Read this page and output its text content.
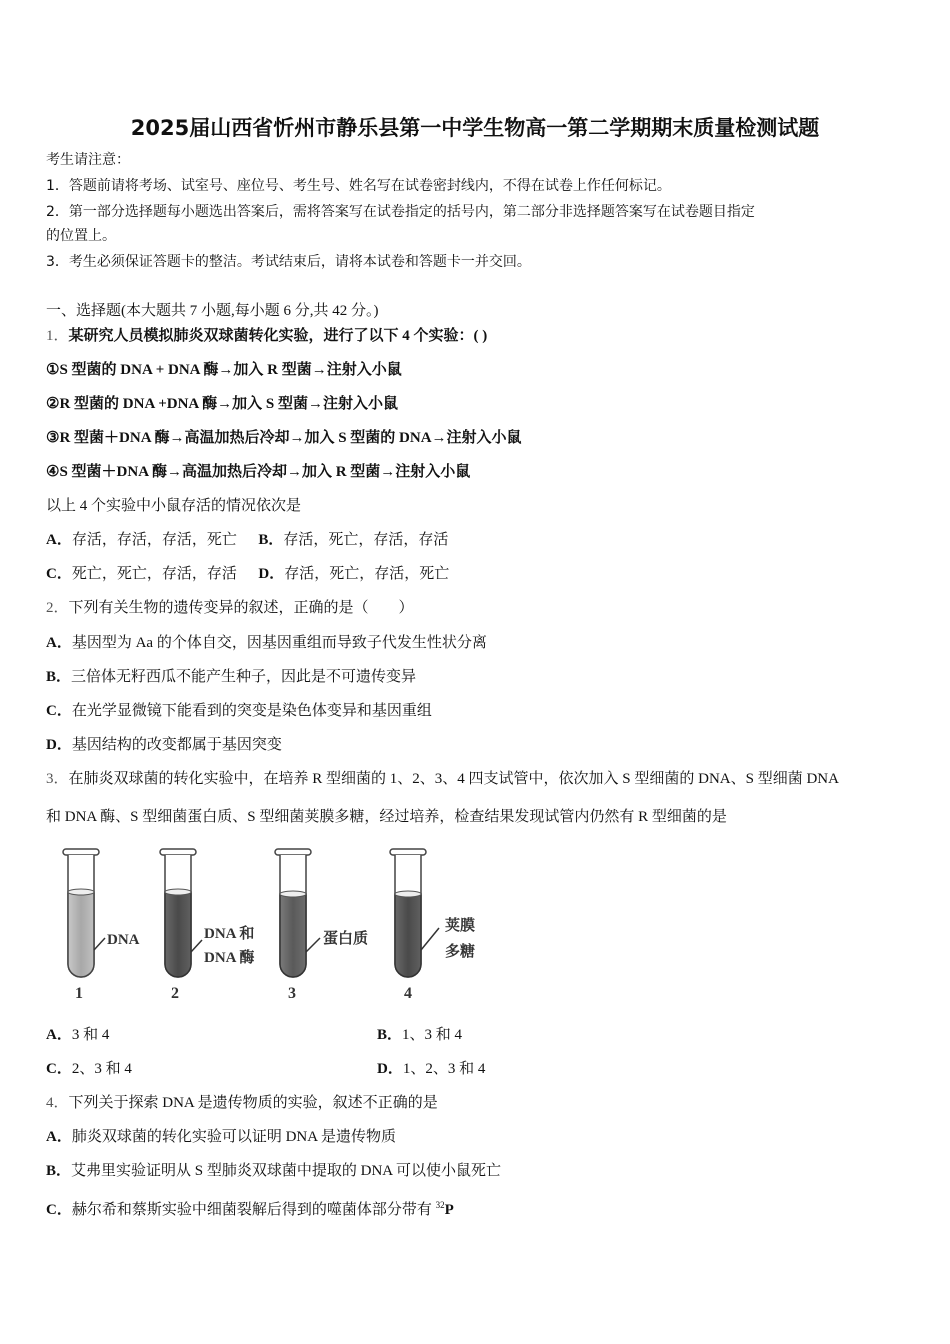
2025届山西省忻州市静乐县第一中学生物高一第二学期期末质量检测试题
考生请注意：
1．答题前请将考场、试室号、座位号、考生号、姓名写在试卷密封线内，不得在试卷上作任何标记。
2．第一部分选择题每小题选出答案后，需将答案写在试卷指定的括号内，第二部分非选择题答案写在试卷题目指定
的位置上。
3．考生必须保证答题卡的整洁。考试结束后，请将本试卷和答题卡一并交回。
一、选择题(本大题共 7 小题,每小题 6 分,共 42 分。)
1．某研究人员模拟肺炎双球菌转化实验，进行了以下 4 个实验：( )
①S 型菌的 DNA + DNA 酶→加入 R 型菌→注射入小鼠
②R 型菌的 DNA +DNA 酶→加入 S 型菌→注射入小鼠
③R 型菌＋DNA 酶→高温加热后冷却→加入 S 型菌的 DNA→注射入小鼠
④S 型菌＋DNA 酶→高温加热后冷却→加入 R 型菌→注射入小鼠
以上 4 个实验中小鼠存活的情况依次是
A．存活，存活，存活，死亡 B．存活，死亡，存活，存活
C．死亡，死亡，存活，存活 D．存活，死亡，存活，死亡
2．下列有关生物的遗传变异的叙述，正确的是（　　）
A．基因型为 Aa 的个体自交，因基因重组而导致子代发生性状分离
B．三倍体无籽西瓜不能产生种子，因此是不可遗传变异
C．在光学显微镜下能看到的突变是染色体变异和基因重组
D．基因结构的改变都属于基因突变
3．在肺炎双球菌的转化实验中，在培养 R 型细菌的 1、2、3、4 四支试管中，依次加入 S 型细菌的 DNA、S 型细菌 DNA
和 DNA 酶、S 型细菌蛋白质、S 型细菌荚膜多糖，经过培养，检查结果发现试管内仍然有 R 型细菌的是
DNA
1
DNA 和
DNA 酶
2
蛋白质
3
荚膜
多糖
4
A．3 和 4	B．1、3 和 4
C．2、3 和 4	D．1、2、3 和 4
4．下列关于探索 DNA 是遗传物质的实验，叙述不正确的是
A．肺炎双球菌的转化实验可以证明 DNA 是遗传物质
B．艾弗里实验证明从 S 型肺炎双球菌中提取的 DNA 可以使小鼠死亡
C．赫尔希和蔡斯实验中细菌裂解后得到的噬菌体部分带有 $^{32}$P
